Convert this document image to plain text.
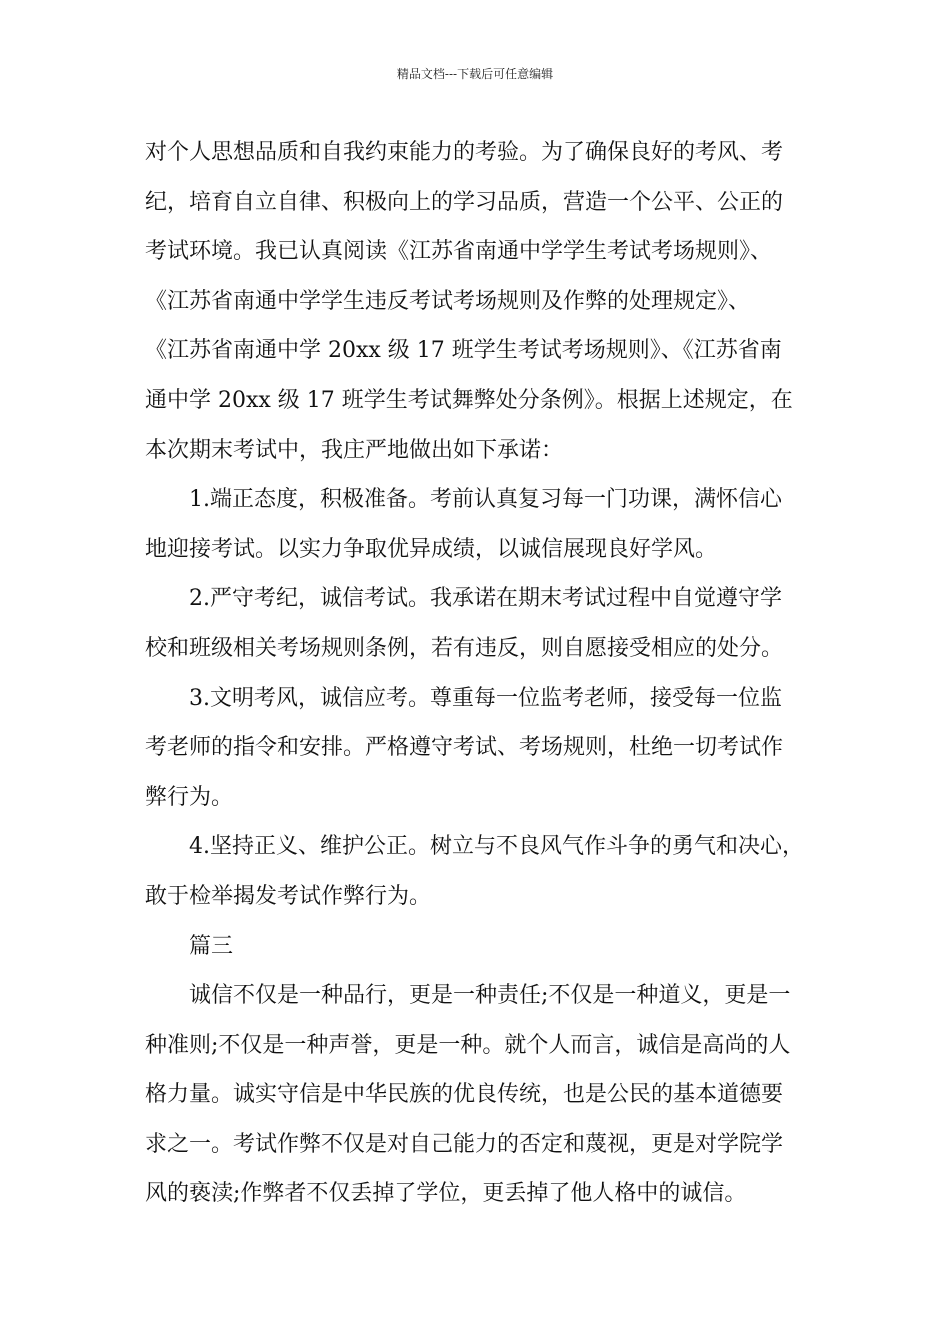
精品文档---下载后可任意编辑
对个人思想品质和自我约束能力的考验。为了确保良好的考风、考
纪，培育自立自律、积极向上的学习品质，营造一个公平、公正的
考试环境。我已认真阅读《江苏省南通中学学生考试考场规则》、
《江苏省南通中学学生违反考试考场规则及作弊的处理规定》、
《江苏省南通中学 20xx 级 17 班学生考试考场规则》、《江苏省南
通中学 20xx 级 17 班学生考试舞弊处分条例》。根据上述规定，在
本次期末考试中，我庄严地做出如下承诺：
1.端正态度，积极准备。考前认真复习每一门功课，满怀信心
地迎接考试。以实力争取优异成绩，以诚信展现良好学风。
2.严守考纪，诚信考试。我承诺在期末考试过程中自觉遵守学
校和班级相关考场规则条例，若有违反，则自愿接受相应的处分。
3.文明考风，诚信应考。尊重每一位监考老师，接受每一位监
考老师的指令和安排。严格遵守考试、考场规则，杜绝一切考试作
弊行为。
4.坚持正义、维护公正。树立与不良风气作斗争的勇气和决心，
敢于检举揭发考试作弊行为。
篇三
诚信不仅是一种品行，更是一种责任;不仅是一种道义，更是一
种准则;不仅是一种声誉，更是一种。就个人而言，诚信是高尚的人
格力量。诚实守信是中华民族的优良传统，也是公民的基本道德要
求之一。考试作弊不仅是对自己能力的否定和蔑视，更是对学院学
风的亵渎;作弊者不仅丢掉了学位，更丢掉了他人格中的诚信。
